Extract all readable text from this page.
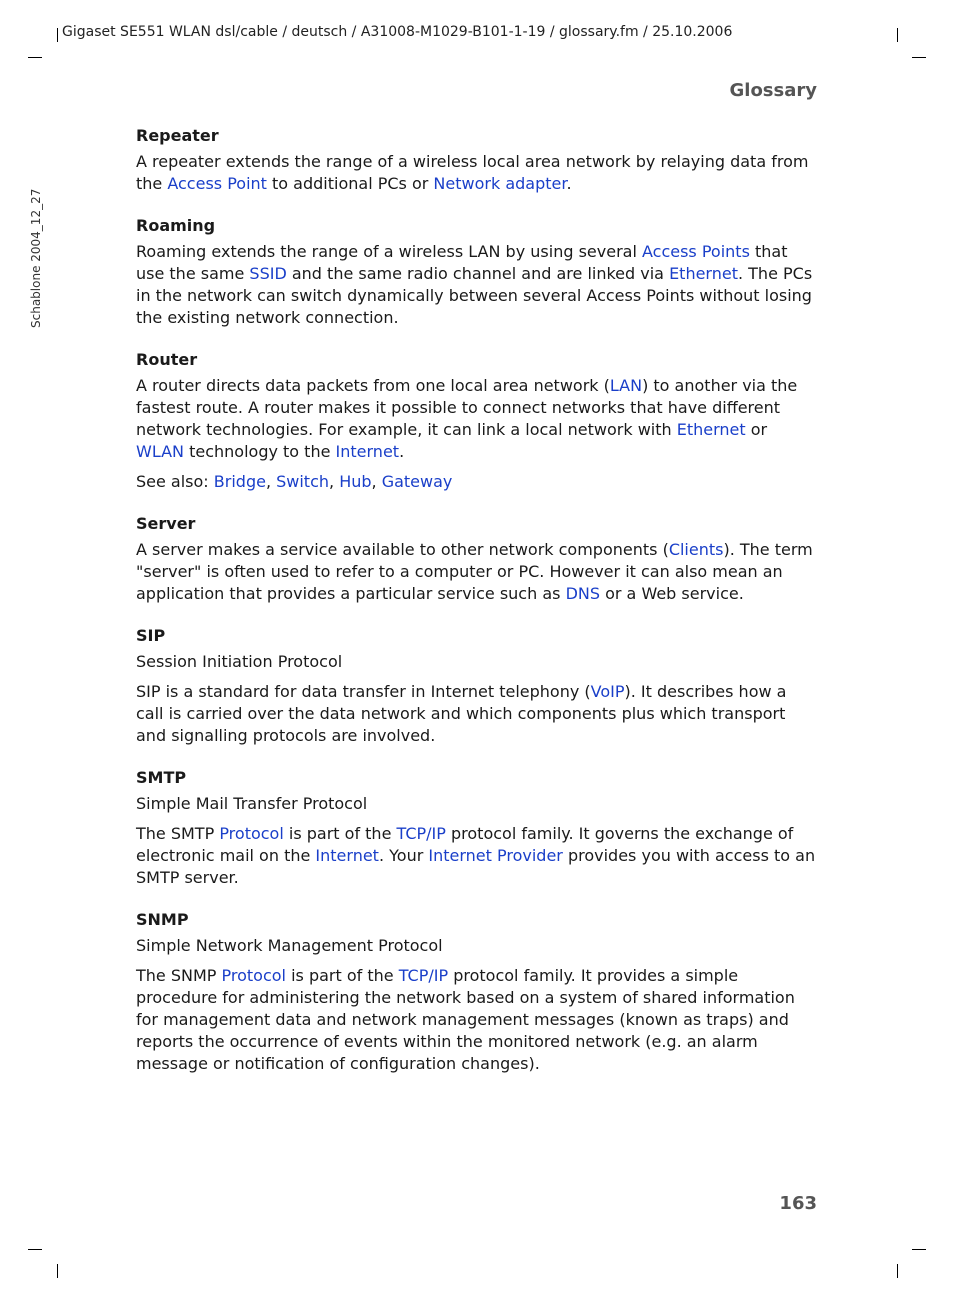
Gigaset SE551 WLAN dsl/cable / deutsch / A31008-M1029-B101-1-19 / glossary.fm / 25.10.2006
Glossary
Schablone 2004_12_27
Repeater

A repeater extends the range of a wireless local area network by relaying data from the Access Point to additional PCs or Network adapter.

Roaming

Roaming extends the range of a wireless LAN by using several Access Points that use the same SSID and the same radio channel and are linked via Ethernet. The PCs in the network can switch dynamically between several Access Points without losing the existing network connection.

Router

A router directs data packets from one local area network (LAN) to another via the fastest route. A router makes it possible to connect networks that have different network technologies. For example, it can link a local network with Ethernet or WLAN technology to the Internet.

See also: Bridge, Switch, Hub, Gateway

Server

A server makes a service available to other network components (Clients). The term "server" is often used to refer to a computer or PC. However it can also mean an application that provides a particular service such as DNS or a Web service.

SIP

Session Initiation Protocol

SIP is a standard for data transfer in Internet telephony (VoIP). It describes how a call is carried over the data network and which components plus which transport and signalling protocols are involved.

SMTP

Simple Mail Transfer Protocol

The SMTP Protocol is part of the TCP/IP protocol family. It governs the exchange of electronic mail on the Internet. Your Internet Provider provides you with access to an SMTP server.

SNMP

Simple Network Management Protocol

The SNMP Protocol is part of the TCP/IP protocol family. It provides a simple procedure for administering the network based on a system of shared information for management data and network management messages (known as traps) and reports the occurrence of events within the monitored network (e.g. an alarm message or notification of configuration changes).

163
